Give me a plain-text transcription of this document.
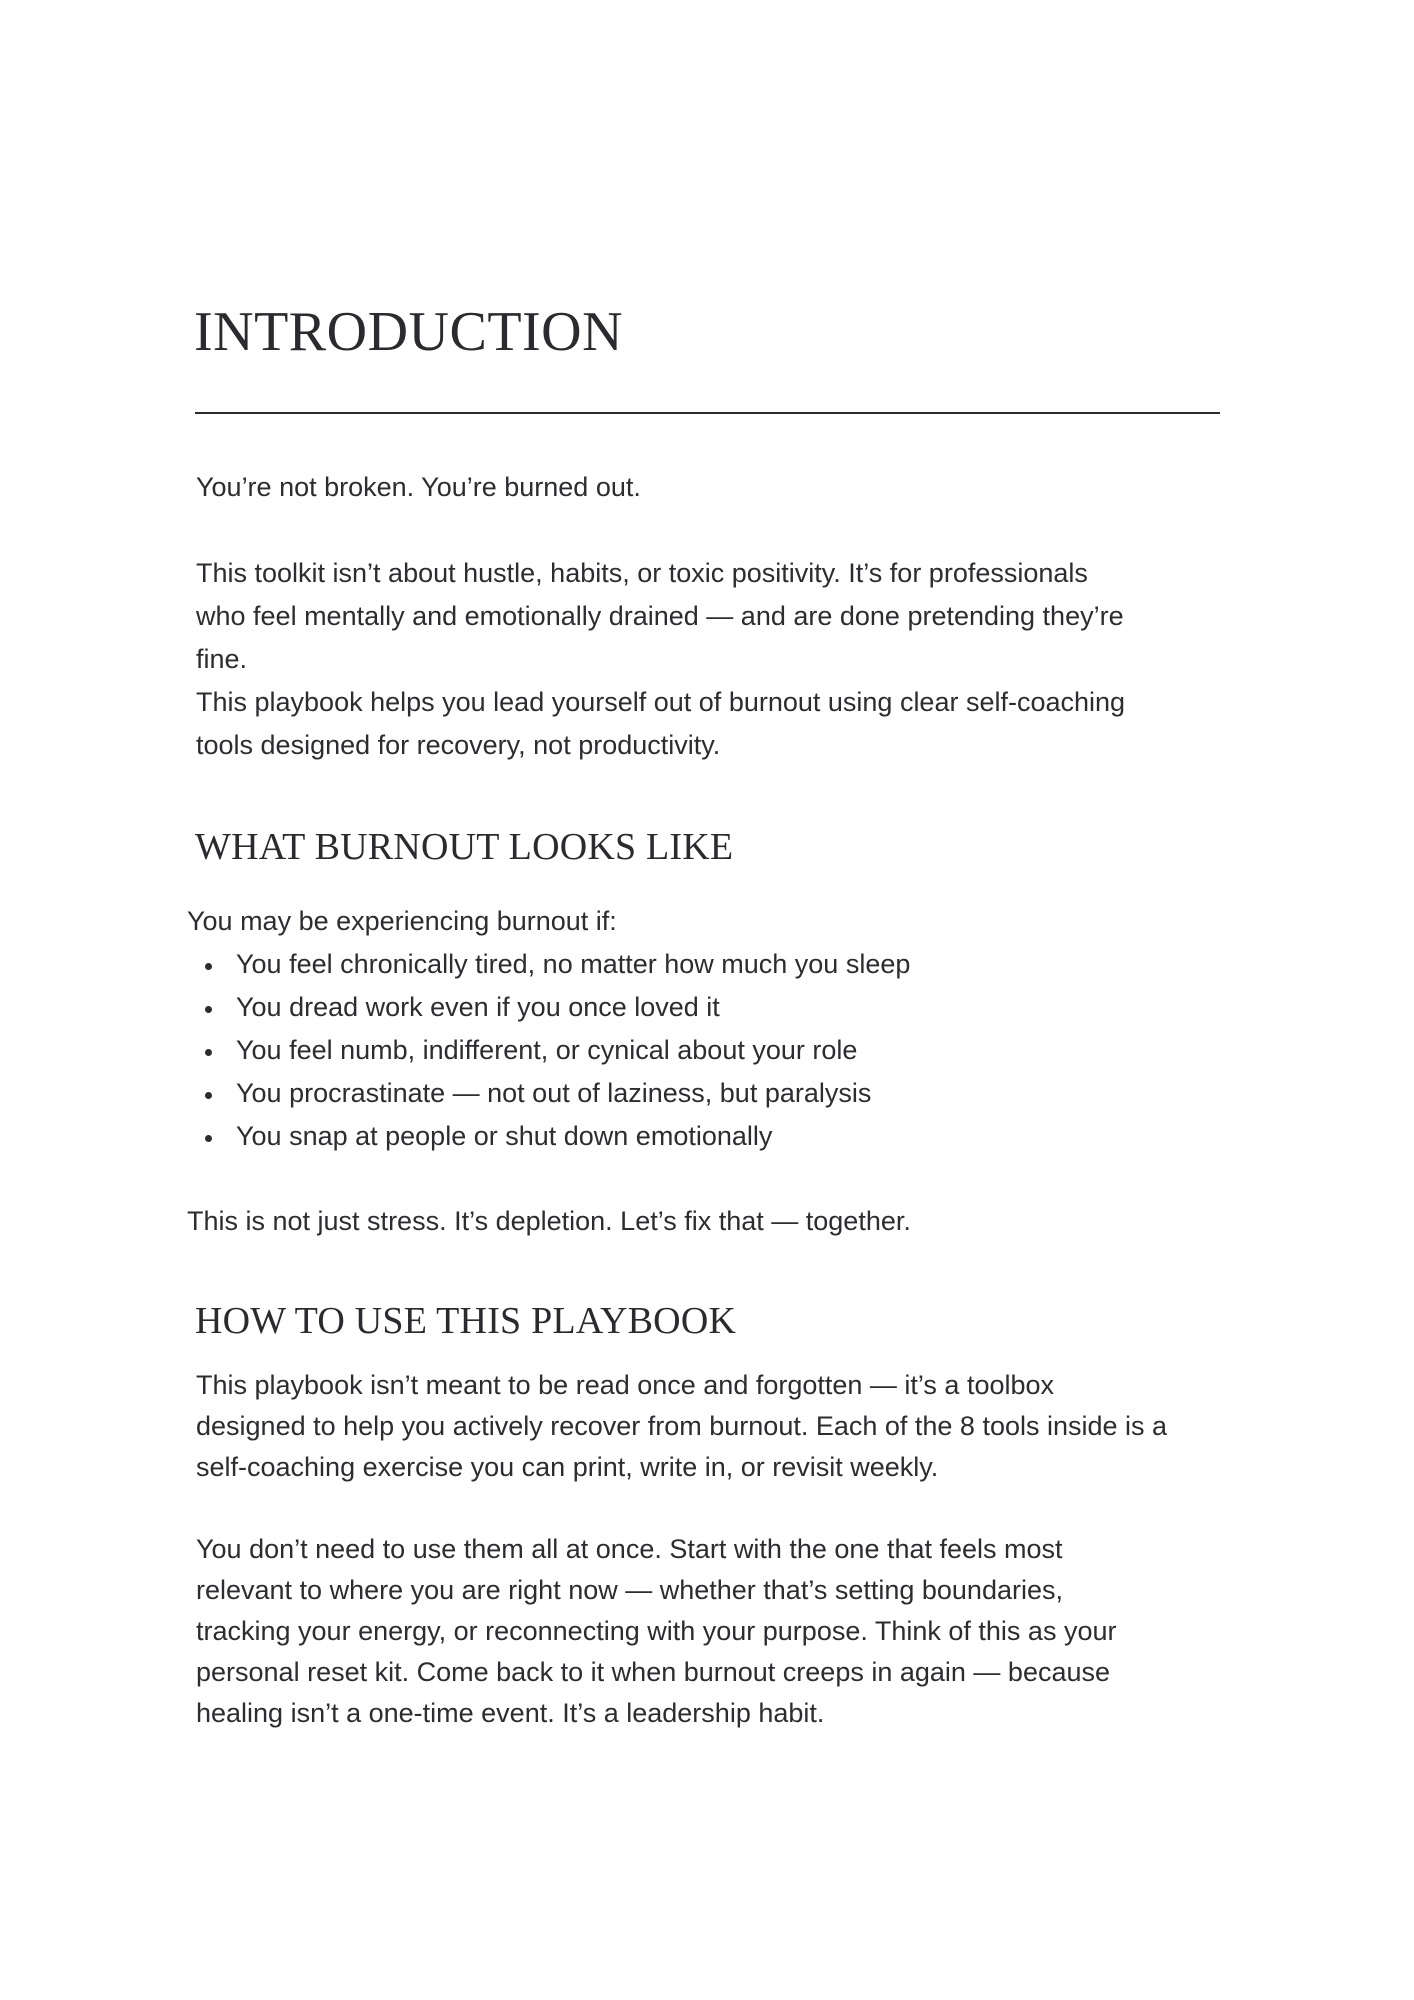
INTRODUCTION

You’re not broken. You’re burned out.

This toolkit isn’t about hustle, habits, or toxic positivity. It’s for professionals

who feel mentally and emotionally drained — and are done pretending they’re

fine.

This playbook helps you lead yourself out of burnout using clear self-coaching

tools designed for recovery, not productivity.

WHAT BURNOUT LOOKS LIKE

You may be experiencing burnout if:

You feel chronically tired, no matter how much you sleep

You dread work even if you once loved it

You feel numb, indifferent, or cynical about your role

You procrastinate — not out of laziness, but paralysis

You snap at people or shut down emotionally

This is not just stress. It’s depletion. Let’s fix that — together.

HOW TO USE THIS PLAYBOOK

This playbook isn’t meant to be read once and forgotten — it’s a toolbox

designed to help you actively recover from burnout. Each of the 8 tools inside is a

self-coaching exercise you can print, write in, or revisit weekly.

You don’t need to use them all at once. Start with the one that feels most

relevant to where you are right now — whether that’s setting boundaries,

tracking your energy, or reconnecting with your purpose. Think of this as your

personal reset kit. Come back to it when burnout creeps in again — because

healing isn’t a one-time event. It’s a leadership habit.
